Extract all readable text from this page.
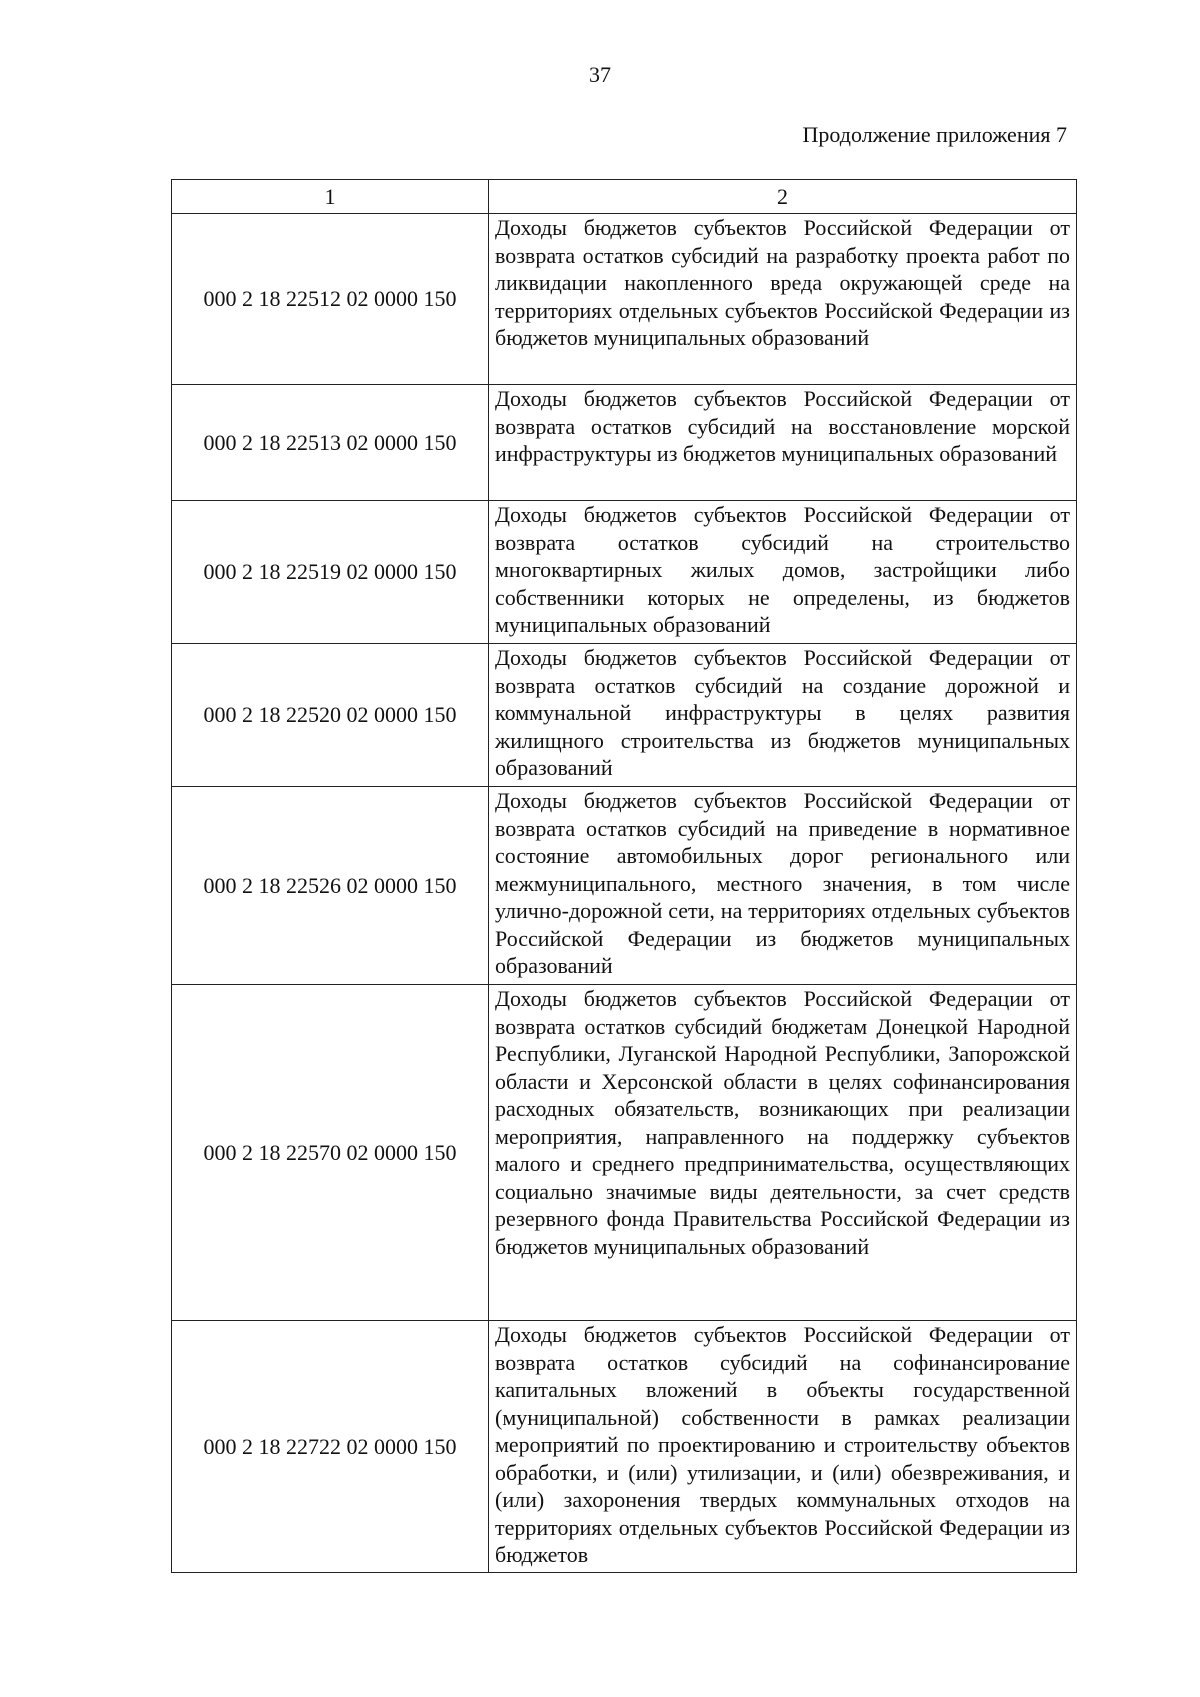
37
Продолжение приложения 7
1	2
000 2 18 22512 02 0000 150	Доходы бюджетов субъектов Российской Федерации от возврата остатков субсидий на разработку проекта работ по ликвидации накопленного вреда окружающей среде на территориях отдельных субъектов Российской Федерации из бюджетов муниципальных образований
000 2 18 22513 02 0000 150	Доходы бюджетов субъектов Российской Федерации от возврата остатков субсидий на восстановление морской инфраструктуры из бюджетов муниципальных образований
000 2 18 22519 02 0000 150	Доходы бюджетов субъектов Российской Федерации от возврата остатков субсидий на строительство многоквартирных жилых домов, застройщики либо собственники которых не определены, из бюджетов муниципальных образований
000 2 18 22520 02 0000 150	Доходы бюджетов субъектов Российской Федерации от возврата остатков субсидий на создание дорожной и коммунальной инфраструктуры в целях развития жилищного строительства из бюджетов муниципальных образований
000 2 18 22526 02 0000 150	Доходы бюджетов субъектов Российской Федерации от возврата остатков субсидий на приведение в нормативное состояние автомобильных дорог регионального или межмуниципального, местного значения, в том числе улично-дорожной сети, на территориях отдельных субъектов Российской Федерации из бюджетов муниципальных образований
000 2 18 22570 02 0000 150	Доходы бюджетов субъектов Российской Федерации от возврата остатков субсидий бюджетам Донецкой Народной Республики, Луганской Народной Республики, Запорожской области и Херсонской области в целях софинансирования расходных обязательств, возникающих при реализации мероприятия, направленного на поддержку субъектов малого и среднего предпринимательства, осуществляющих социально значимые виды деятельности, за счет средств резервного фонда Правительства Российской Федерации из бюджетов муниципальных образований
000 2 18 22722 02 0000 150	Доходы бюджетов субъектов Российской Федерации от возврата остатков субсидий на софинансирование капитальных вложений в объекты государственной (муниципальной) собственности в рамках реализации мероприятий по проектированию и строительству объектов обработки, и (или) утилизации, и (или) обезвреживания, и (или) захоронения твердых коммунальных отходов на территориях отдельных субъектов Российской Федерации из бюджетов
